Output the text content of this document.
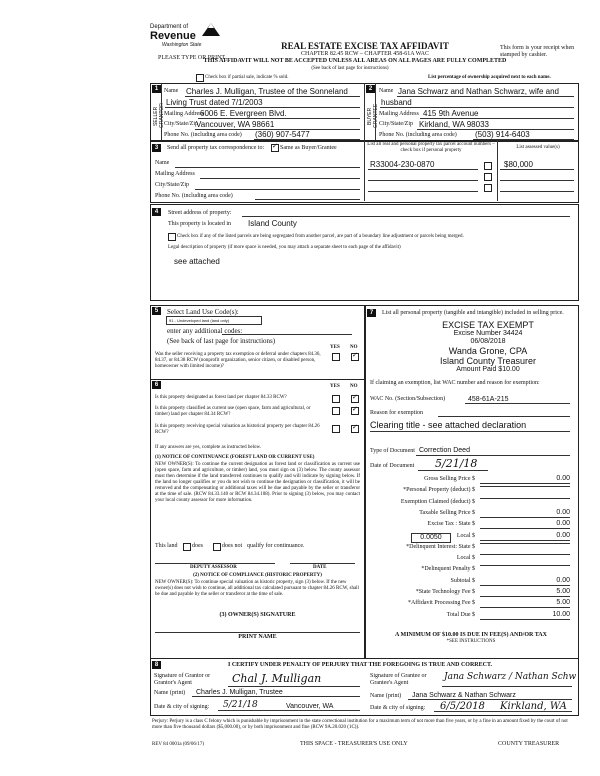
Department of
Revenue
Washington State
PLEASE TYPE OR PRINT
REAL ESTATE EXCISE TAX AFFIDAVIT
CHAPTER 82.45 RCW – CHAPTER 458-61A WAC
THIS AFFIDAVIT WILL NOT BE ACCEPTED UNLESS ALL AREAS ON ALL PAGES ARE FULLY COMPLETED
(See back of last page for instructions)
This form is your receipt when stamped by cashier.
Check box if partial sale, indicate % sold.	List percentage of ownership acquired next to each name.
1
SELLER GRANTOR
Name Charles J. Mulligan, Trustee of the Sonneland
Living Trust dated 7/1/2003
Mailing Address
6006 E. Evergreen Blvd.
City/State/Zip
Vancouver, WA 98661
Phone No. (including area code) (360) 907-5477
2
BUYER GRANTEE
Name Jana Schwarz and Nathan Schwarz, wife and
husband
Mailing Address 415 9th Avenue
City/State/Zip Kirkland, WA 98033
Phone No. (including area code) (503) 914-6403
3	Send all property tax correspondence to:
✓	Same as Buyer/Grantee
Name
Mailing Address
City/State/Zip
Phone No. (including area code)
List all real and personal property tax parcel account numbers – check box if personal property
List assessed value(s)
R33004-230-0870	$80,000
4	Street address of property:
This property is located in Island County
Check box if any of the listed parcels are being segregated from another parcel, are part of a boundary line adjustment or parcels being merged.
Legal description of property (if more space is needed, you may attach a separate sheet to each page of the affidavit)
see attached
5	Select Land Use Code(s):
91 - Undeveloped land (land only)
enter any additional codes:
(See back of last page for instructions)
YES NO
Was the seller receiving a property tax exemption or deferral under chapters 84.36, 84.37, or 84.38 RCW (nonprofit organization, senior citizen, or disabled person, homeowner with limited income)?
✓
6	YES NO
Is this property designated as forest land per chapter 84.33 RCW?
✓
Is this property classified as current use (open space, farm and agricultural, or timber) land per chapter 84.34 RCW?
✓
Is this property receiving special valuation as historical property per chapter 84.26 RCW?
✓
If any answers are yes, complete as instructed below.
(1) NOTICE OF CONTINUANCE (FOREST LAND OR CURRENT USE)
NEW OWNER(S): To continue the current designation as forest land or classification as current use (open space, farm and agriculture, or timber) land, you must sign on (3) below. The county assessor must then determine if the land transferred continues to qualify and will indicate by signing below. If the land no longer qualifies or you do not wish to continue the designation or classification, it will be removed and the compensating or additional taxes will be due and payable by the seller or transferor at the time of sale. (RCW 84.33.140 or RCW 84.34.108). Prior to signing (3) below, you may contact your local county assessor for more information.
This land does	does not qualify for continuance.
DEPUTY ASSESSOR	DATE
(2) NOTICE OF COMPLIANCE (HISTORIC PROPERTY)
NEW OWNER(S): To continue special valuation as historic property, sign (3) below. If the new owner(s) does not wish to continue, all additional tax calculated pursuant to chapter 84.26 RCW, shall be due and payable by the seller or transferor at the time of sale.
(3) OWNER(S) SIGNATURE
PRINT NAME
7	List all personal property (tangible and intangible) included in selling price.
EXCISE TAX EXEMPT
Excise Number 34424
06/08/2018
Wanda Grone, CPA
Island County Treasurer
Amount Paid $10.00
If claiming an exemption, list WAC number and reason for exemption:
WAC No. (Section/Subsection)	458-61A-215
Reason for exemption
Clearing title - see attached declaration
Type of Document Correction Deed
Date of Document 5/21/18
Gross Selling Price $	0.00
*Personal Property (deduct) $
Exemption Claimed (deduct) $
Taxable Selling Price $	0.00
Excise Tax : State $	0.00
Local $	0.00
*Delinquent Interest: State $
Local $
*Delinquent Penalty $
Subtotal $	0.00
*State Technology Fee $	5.00
*Affidavit Processing Fee $	5.00
Total Due $	10.00
0.0050
A MINIMUM OF $10.00 IS DUE IN FEE(S) AND/OR TAX
*SEE INSTRUCTIONS
8	I CERTIFY UNDER PENALTY OF PERJURY THAT THE FOREGOING IS TRUE AND CORRECT.
Signature of Grantor or Grantor's Agent	Chal J. Mulligan
Name (print) Charles J. Mulligan, Trustee
Date & city of signing: 5/21/18	Vancouver, WA
Signature of Grantee or Grantee's Agent
Jana Schwarz / Nathan Schw
Name (print) Jana Schwarz & Nathan Schwarz
Date & city of signing: 6/5/2018 Kirkland, WA
Perjury: Perjury is a class C felony which is punishable by imprisonment in the state correctional institution for a maximum term of not more than five years, or by a fine in an amount fixed by the court of not more than five thousand dollars ($5,000.00), or by both imprisonment and fine (RCW 9A.20.020 (1C)).
REV 84 0001a (09/06/17)	THIS SPACE - TREASURER'S USE ONLY	COUNTY TREASURER
